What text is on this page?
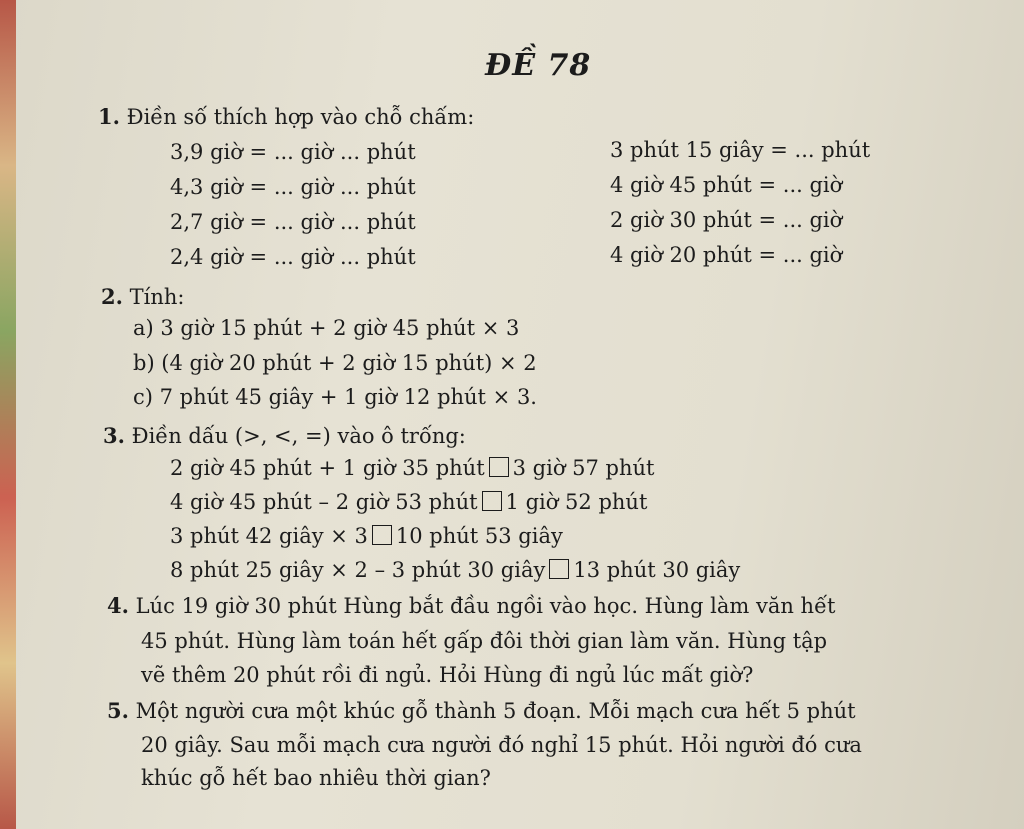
ĐỀ 78
1. Điền số thích hợp vào chỗ chấm:
3,9 giờ = ... giờ ... phút
4,3 giờ = ... giờ ... phút
2,7 giờ = ... giờ ... phút
2,4 giờ = ... giờ ... phút
3 phút 15 giây = ... phút
4 giờ 45 phút = ... giờ
2 giờ 30 phút = ... giờ
4 giờ 20 phút = ... giờ
2. Tính:
a) 3 giờ 15 phút + 2 giờ 45 phút × 3
b) (4 giờ 20 phút + 2 giờ 15 phút) × 2
c) 7 phút 45 giây + 1 giờ 12 phút × 3.
3. Điền dấu (>, <, =) vào ô trống:
2 giờ 45 phút + 1 giờ 35 phút 3 giờ 57 phút
4 giờ 45 phút – 2 giờ 53 phút 1 giờ 52 phút
3 phút 42 giây × 3 10 phút 53 giây
8 phút 25 giây × 2 – 3 phút 30 giây 13 phút 30 giây
4. Lúc 19 giờ 30 phút Hùng bắt đầu ngồi vào học. Hùng làm văn hết
45 phút. Hùng làm toán hết gấp đôi thời gian làm văn. Hùng tập
vẽ thêm 20 phút rồi đi ngủ. Hỏi Hùng đi ngủ lúc mất giờ?
5. Một người cưa một khúc gỗ thành 5 đoạn. Mỗi mạch cưa hết 5 phút
20 giây. Sau mỗi mạch cưa người đó nghỉ 15 phút. Hỏi người đó cưa
khúc gỗ hết bao nhiêu thời gian?
